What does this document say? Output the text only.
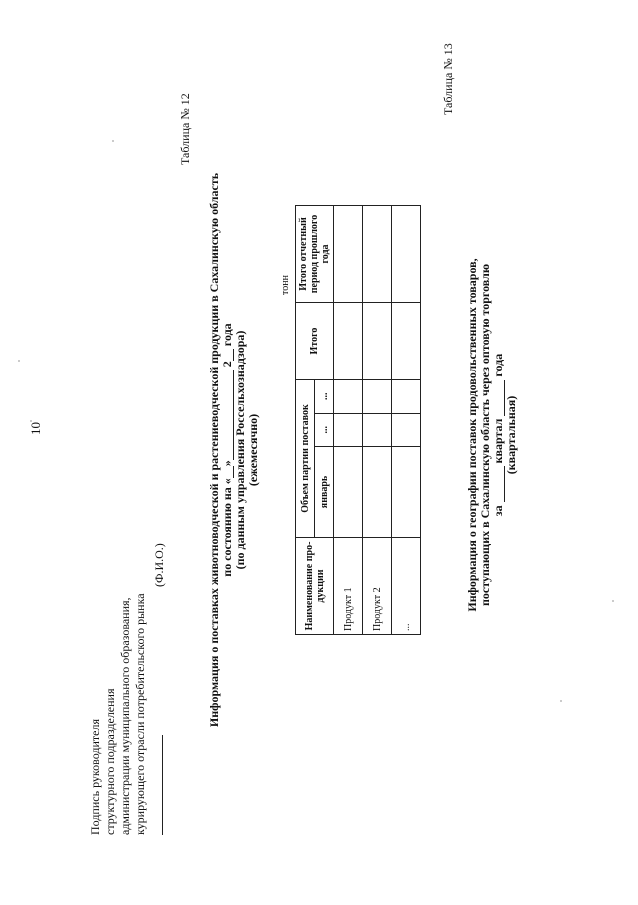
10
Подпись руководителя структурного подразделения администрации муниципального образования, курирующего отрасли потребительского рынка
(Ф.И.О.)
Таблица № 12
Информация о поставках животноводческой и растениеводческой продукции в Сахалинскую область по состоянию на «» 2 года (по данным управления Россельхознадзора) (ежемесячно)
тонн
Наименование про-дукции	Объем партии поставок			Итого	Итого отчетный период прошлого года
	январь	...	...		
Продукт 1					
Продукт 2					
...					
Таблица № 13
Информация о географии поставок продовольственных товаров, поступающих в Сахалинскую область через оптовую торговлю за  квартал  года
(квартальная)
